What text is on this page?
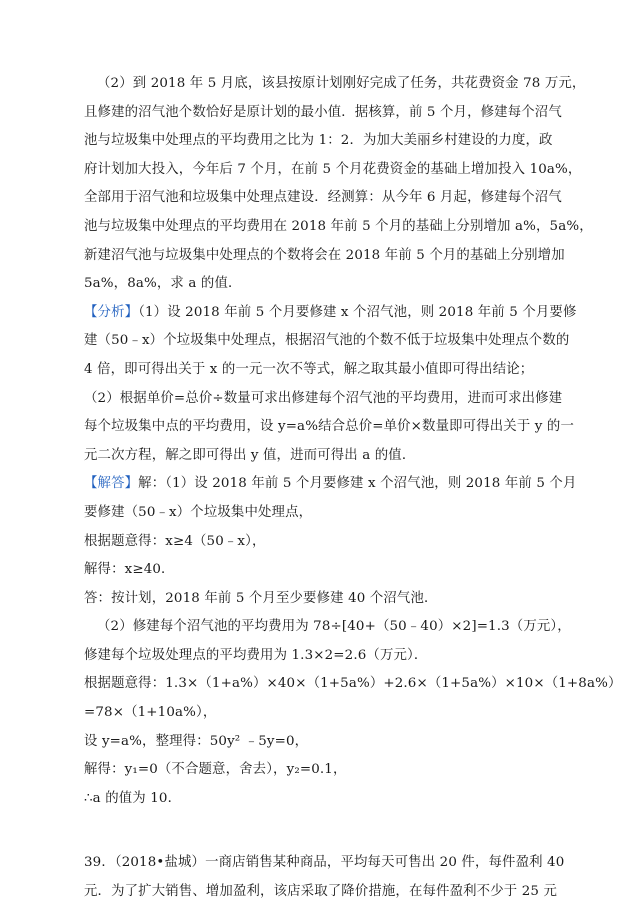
（2）到 2018 年 5 月底，该县按原计划刚好完成了任务，共花费资金 78 万元，
且修建的沼气池个数恰好是原计划的最小值．据核算，前 5 个月，修建每个沼气
池与垃圾集中处理点的平均费用之比为 1：2．为加大美丽乡村建设的力度，政
府计划加大投入，今年后 7 个月，在前 5 个月花费资金的基础上增加投入 10a%，
全部用于沼气池和垃圾集中处理点建设．经测算：从今年 6 月起，修建每个沼气
池与垃圾集中处理点的平均费用在 2018 年前 5 个月的基础上分别增加 a%，5a%，
新建沼气池与垃圾集中处理点的个数将会在 2018 年前 5 个月的基础上分别增加
5a%，8a%，求 a 的值．
【分析】（1）设 2018 年前 5 个月要修建 x 个沼气池，则 2018 年前 5 个月要修
建（50﹣x）个垃圾集中处理点，根据沼气池的个数不低于垃圾集中处理点个数的
4 倍，即可得出关于 x 的一元一次不等式，解之取其最小值即可得出结论；
（2）根据单价=总价÷数量可求出修建每个沼气池的平均费用，进而可求出修建
每个垃圾集中点的平均费用，设 y=a%结合总价=单价×数量即可得出关于 y 的一
元二次方程，解之即可得出 y 值，进而可得出 a 的值．
【解答】解：（1）设 2018 年前 5 个月要修建 x 个沼气池，则 2018 年前 5 个月
要修建（50﹣x）个垃圾集中处理点，
根据题意得：x≥4（50﹣x），
解得：x≥40．
答：按计划，2018 年前 5 个月至少要修建 40 个沼气池．
（2）修建每个沼气池的平均费用为 78÷[40+（50﹣40）×2]=1.3（万元），
修建每个垃圾处理点的平均费用为 1.3×2=2.6（万元）．
根据题意得：1.3×（1+a%）×40×（1+5a%）+2.6×（1+5a%）×10×（1+8a%）
=78×（1+10a%），
设 y=a%，整理得：50y² ﹣5y=0，
解得：y₁=0（不合题意，舍去），y₂=0.1，
∴a 的值为 10．
39．（2018•盐城）一商店销售某种商品，平均每天可售出 20 件，每件盈利 40
元．为了扩大销售、增加盈利，该店采取了降价措施，在每件盈利不少于 25 元
